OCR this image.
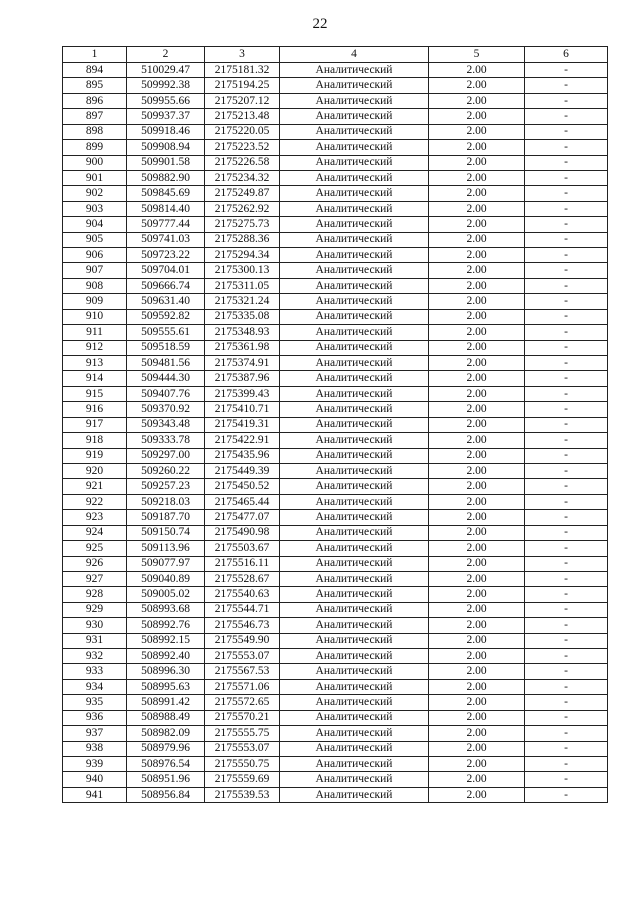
22
1	2	3	4	5	6
894	510029.47	2175181.32	Аналитический	2.00	-
895	509992.38	2175194.25	Аналитический	2.00	-
896	509955.66	2175207.12	Аналитический	2.00	-
897	509937.37	2175213.48	Аналитический	2.00	-
898	509918.46	2175220.05	Аналитический	2.00	-
899	509908.94	2175223.52	Аналитический	2.00	-
900	509901.58	2175226.58	Аналитический	2.00	-
901	509882.90	2175234.32	Аналитический	2.00	-
902	509845.69	2175249.87	Аналитический	2.00	-
903	509814.40	2175262.92	Аналитический	2.00	-
904	509777.44	2175275.73	Аналитический	2.00	-
905	509741.03	2175288.36	Аналитический	2.00	-
906	509723.22	2175294.34	Аналитический	2.00	-
907	509704.01	2175300.13	Аналитический	2.00	-
908	509666.74	2175311.05	Аналитический	2.00	-
909	509631.40	2175321.24	Аналитический	2.00	-
910	509592.82	2175335.08	Аналитический	2.00	-
911	509555.61	2175348.93	Аналитический	2.00	-
912	509518.59	2175361.98	Аналитический	2.00	-
913	509481.56	2175374.91	Аналитический	2.00	-
914	509444.30	2175387.96	Аналитический	2.00	-
915	509407.76	2175399.43	Аналитический	2.00	-
916	509370.92	2175410.71	Аналитический	2.00	-
917	509343.48	2175419.31	Аналитический	2.00	-
918	509333.78	2175422.91	Аналитический	2.00	-
919	509297.00	2175435.96	Аналитический	2.00	-
920	509260.22	2175449.39	Аналитический	2.00	-
921	509257.23	2175450.52	Аналитический	2.00	-
922	509218.03	2175465.44	Аналитический	2.00	-
923	509187.70	2175477.07	Аналитический	2.00	-
924	509150.74	2175490.98	Аналитический	2.00	-
925	509113.96	2175503.67	Аналитический	2.00	-
926	509077.97	2175516.11	Аналитический	2.00	-
927	509040.89	2175528.67	Аналитический	2.00	-
928	509005.02	2175540.63	Аналитический	2.00	-
929	508993.68	2175544.71	Аналитический	2.00	-
930	508992.76	2175546.73	Аналитический	2.00	-
931	508992.15	2175549.90	Аналитический	2.00	-
932	508992.40	2175553.07	Аналитический	2.00	-
933	508996.30	2175567.53	Аналитический	2.00	-
934	508995.63	2175571.06	Аналитический	2.00	-
935	508991.42	2175572.65	Аналитический	2.00	-
936	508988.49	2175570.21	Аналитический	2.00	-
937	508982.09	2175555.75	Аналитический	2.00	-
938	508979.96	2175553.07	Аналитический	2.00	-
939	508976.54	2175550.75	Аналитический	2.00	-
940	508951.96	2175559.69	Аналитический	2.00	-
941	508956.84	2175539.53	Аналитический	2.00	-
